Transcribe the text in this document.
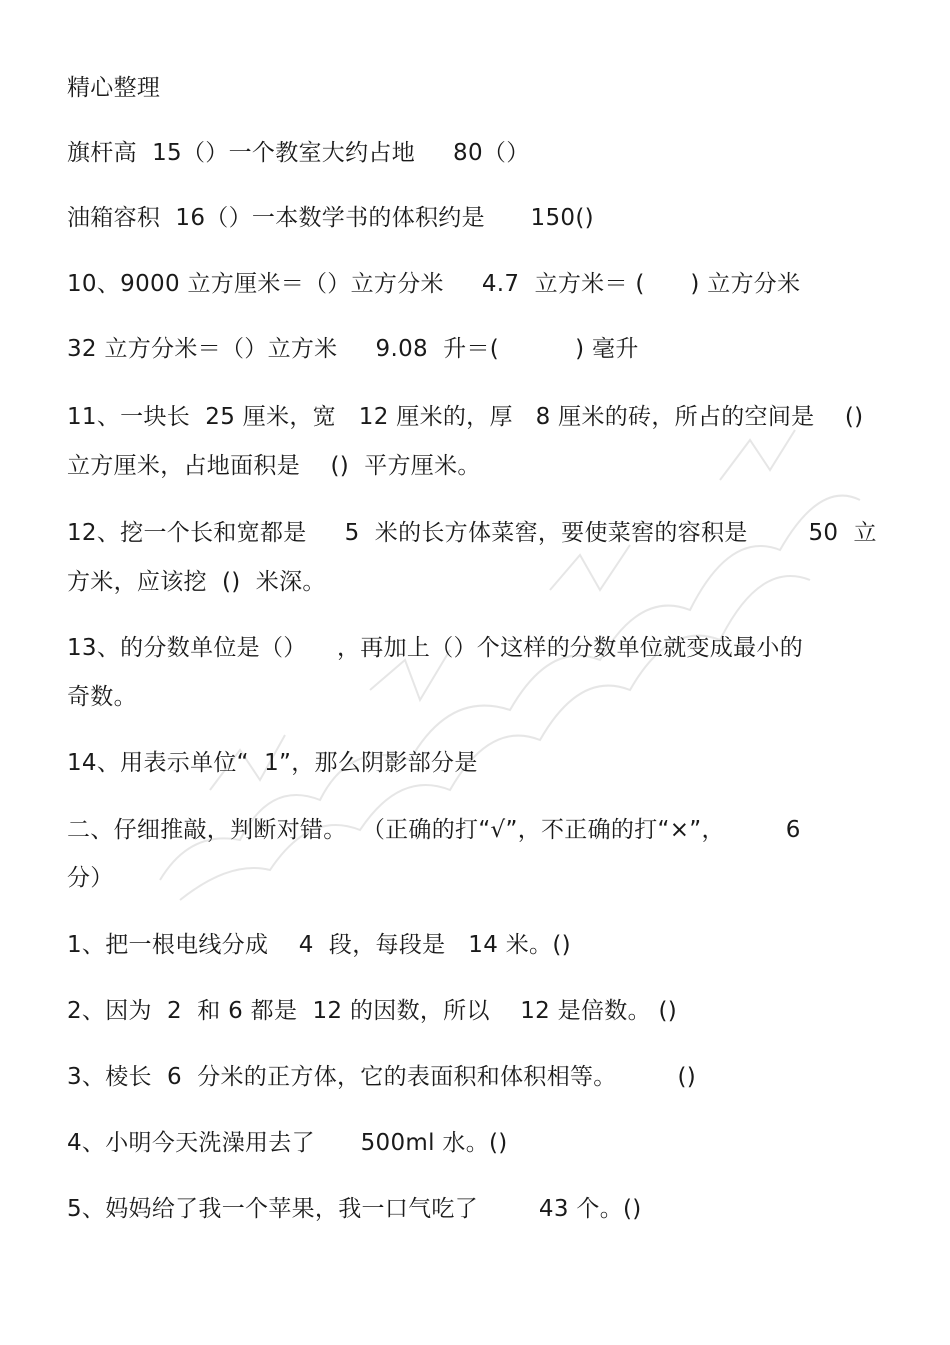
精心整理
旗杆高  15（）一个教室大约占地     80（）
油箱容积  16（）一本数学书的体积约是      150()
10、9000 立方厘米＝（）立方分米     4.7  立方米＝ (      ) 立方分米
32 立方分米＝（）立方米     9.08  升＝(          ) 毫升
11、一块长  25 厘米，宽   12 厘米的，厚   8 厘米的砖，所占的空间是    ()
立方厘米，占地面积是    ()  平方厘米。
12、挖一个长和宽都是     5  米的长方体菜窖，要使菜窖的容积是        50  立
方米，应该挖  ()  米深。
13、的分数单位是（）    ，再加上（）个这样的分数单位就变成最小的
奇数。
14、用表示单位“  1”，那么阴影部分是
二、仔细推敲，判断对错。  （正确的打“√”，不正确的打“×”，        6
分）
1、把一根电线分成    4  段，每段是   14 米。()
2、因为  2  和 6 都是  12 的因数，所以    12 是倍数。 ()
3、棱长  6  分米的正方体，它的表面积和体积相等。        ()
4、小明今天洗澡用去了      500ml 水。()
5、妈妈给了我一个苹果，我一口气吃了        43 个。()
